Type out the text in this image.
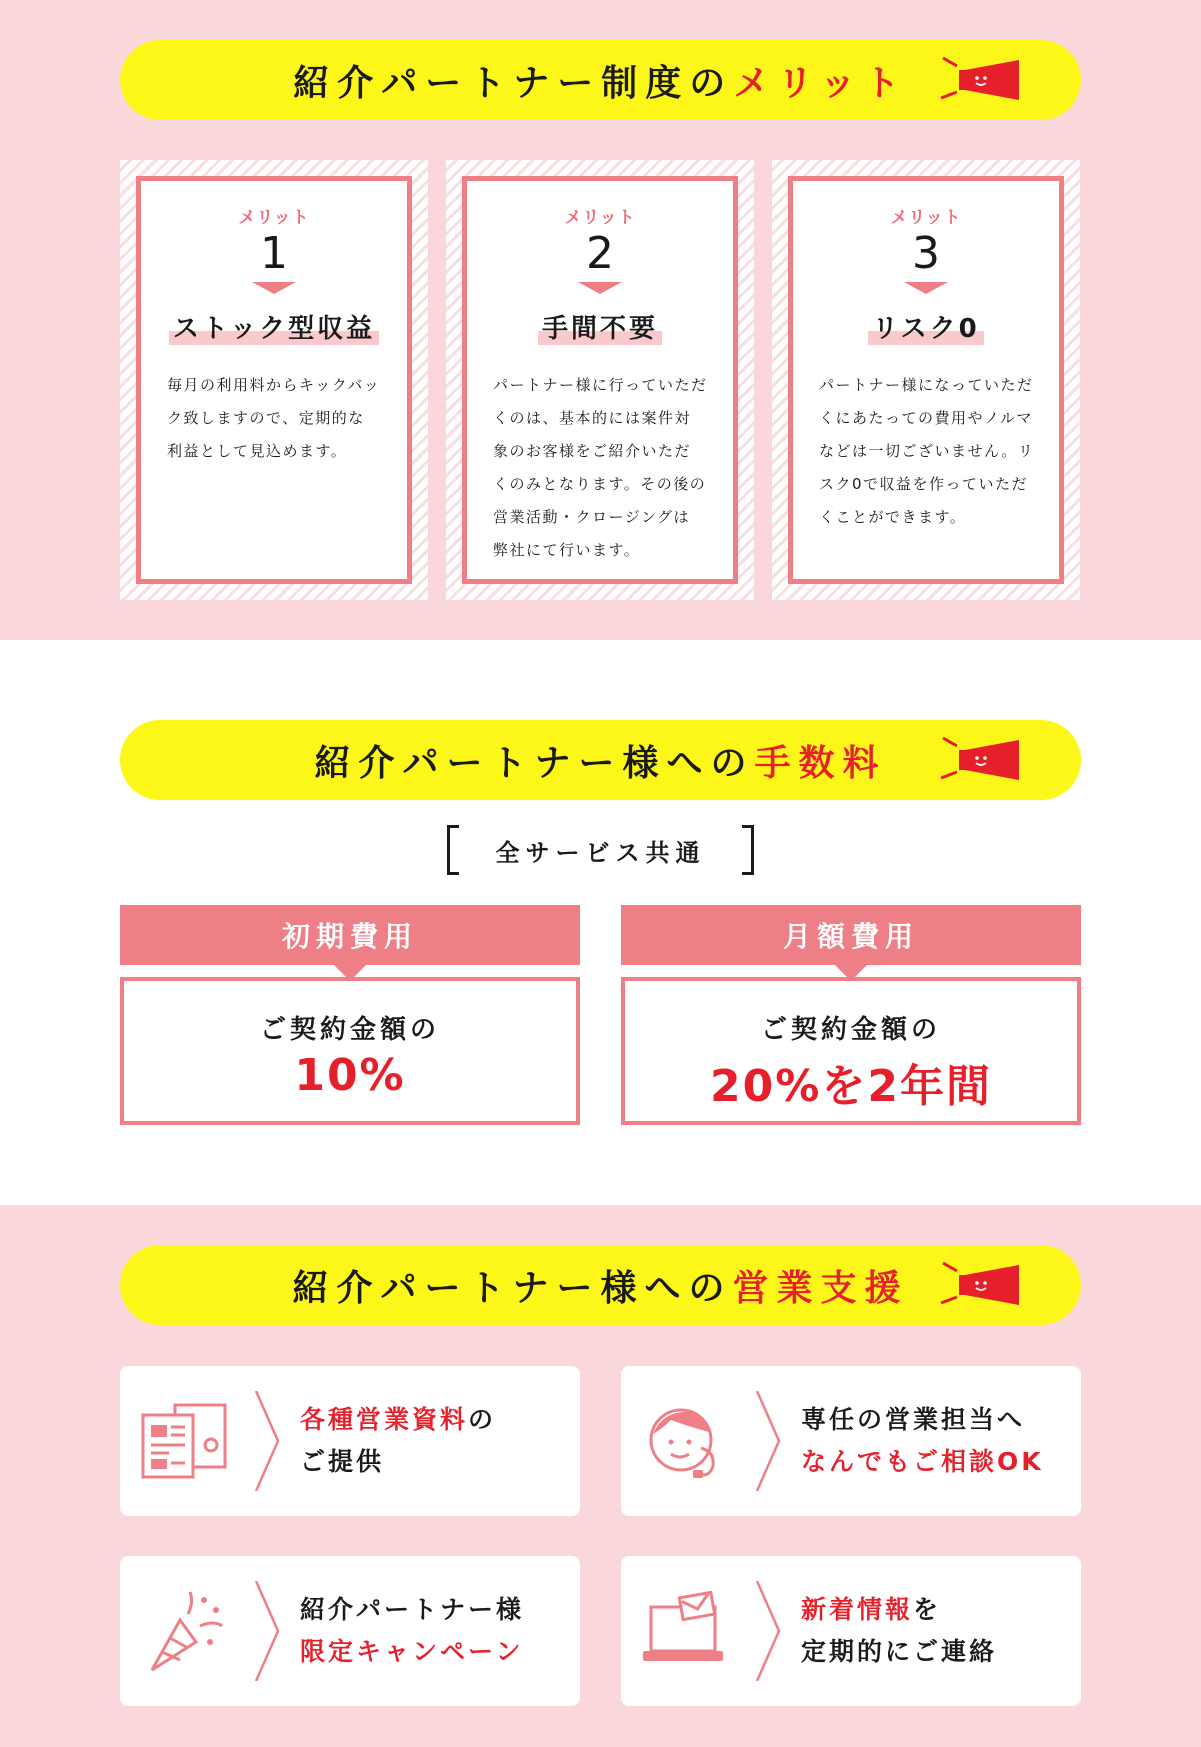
紹介パートナー制度の メリット
メリット
1
ストック型収益
毎月の利用料からキックバッ
ク致しますので、定期的な
利益として見込めます。
メリット
2
手間不要
パートナー様に行っていただ
くのは、基本的には案件対
象のお客様をご紹介いただ
くのみとなります。その後の
営業活動・クロージングは
弊社にて行います。
メリット
3
リスク0
パートナー様になっていただ
くにあたっての費用やノルマ
などは一切ございません。リ
スク0で収益を作っていただ
くことができます。
紹介パートナー様への 手数料
全サービス共通
初期費用
ご契約金額の
10%
月額費用
ご契約金額の
20%を2年間
紹介パートナー様への 営業支援
各種営業資料の
ご提供
専任の営業担当へ
なんでもご相談OK
紹介パートナー様
限定キャンペーン
新着情報を
定期的にご連絡
